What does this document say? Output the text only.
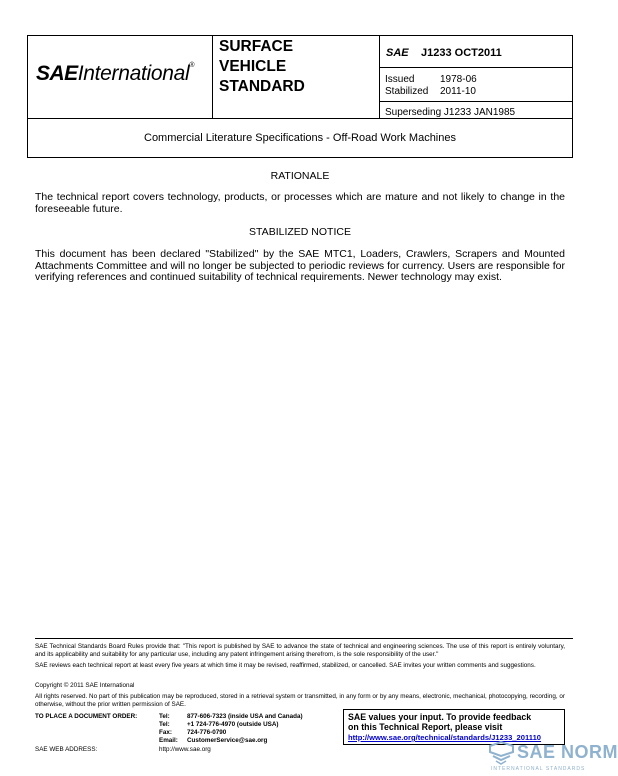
SAEInternational®
SURFACE
VEHICLE
STANDARD
SAE J1233 OCT2011
Issued	1978-06
Stabilized 2011-10
Superseding J1233 JAN1985
Commercial Literature Specifications - Off-Road Work Machines
RATIONALE
The technical report covers technology, products, or processes which are mature and not likely to change in the foreseeable future.
STABILIZED NOTICE
This document has been declared "Stabilized" by the SAE MTC1, Loaders, Crawlers, Scrapers and Mounted Attachments Committee and will no longer be subjected to periodic reviews for currency. Users are responsible for verifying references and continued suitability of technical requirements. Newer technology may exist.
SAE Technical Standards Board Rules provide that: "This report is published by SAE to advance the state of technical and engineering sciences. The use of this report is entirely voluntary, and its applicability and suitability for any particular use, including any patent infringement arising therefrom, is the sole responsibility of the user."
SAE reviews each technical report at least every five years at which time it may be revised, reaffirmed, stabilized, or cancelled. SAE invites your written comments and suggestions.
Copyright © 2011 SAE International
All rights reserved. No part of this publication may be reproduced, stored in a retrieval system or transmitted, in any form or by any means, electronic, mechanical, photocopying, recording, or otherwise, without the prior written permission of SAE.
TO PLACE A DOCUMENT ORDER:	Tel:	877-606-7323 (inside USA and Canada)
Tel:	+1 724-776-4970 (outside USA)
Fax: 724-776-0790
Email: CustomerService@sae.org
SAE WEB ADDRESS:	http://www.sae.org
SAE values your input. To provide feedback
on this Technical Report, please visit
http://www.sae.org/technical/standards/J1233_201110
SAE NORM
INTERNATIONAL STANDARDS
